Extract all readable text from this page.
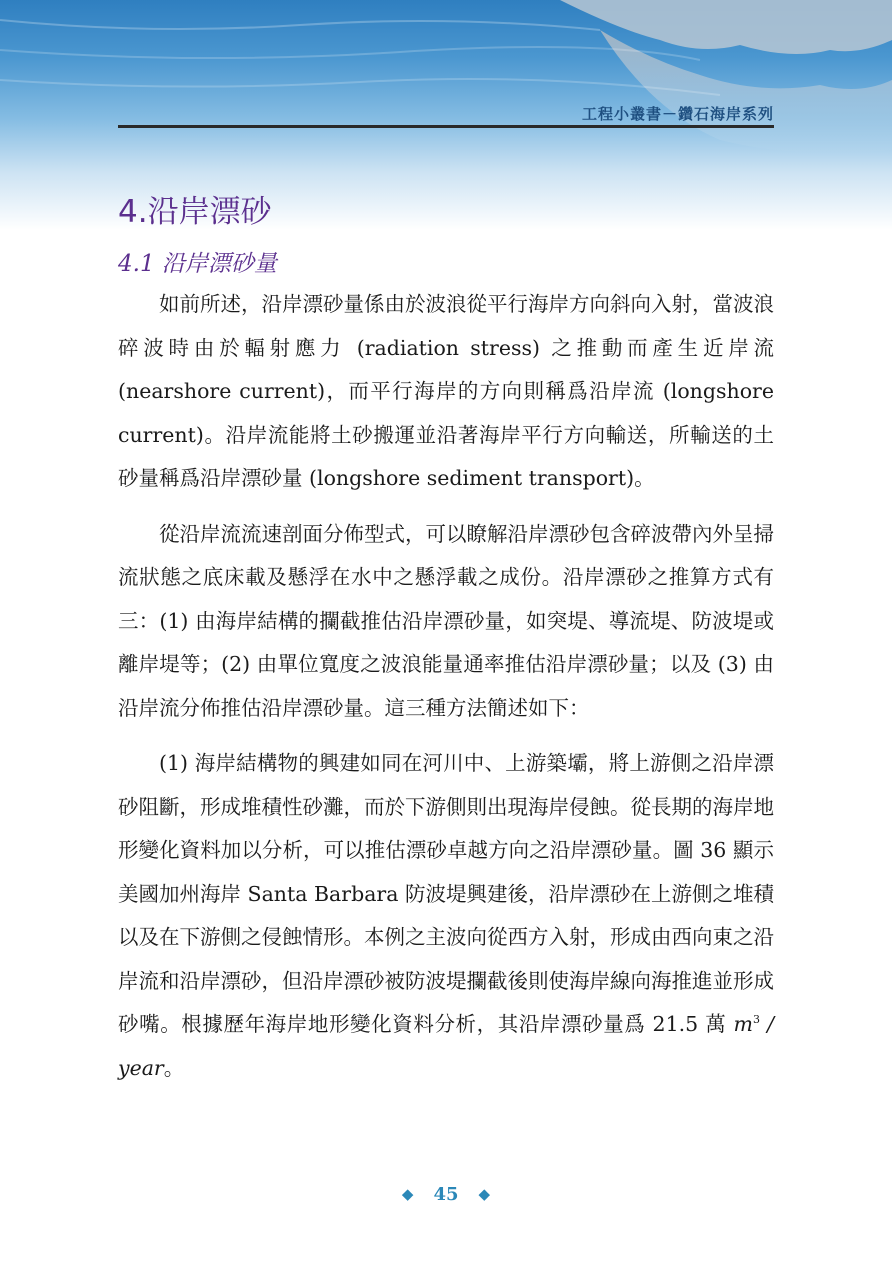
工程小叢書－鑽石海岸系列
4.沿岸漂砂
4.1 沿岸漂砂量

如前所述，沿岸漂砂量係由於波浪從平行海岸方向斜向入射，當波浪碎波時由於輻射應力 (radiation stress) 之推動而產生近岸流 (nearshore current)，而平行海岸的方向則稱爲沿岸流 (longshore current)。沿岸流能將土砂搬運並沿著海岸平行方向輸送，所輸送的土砂量稱爲沿岸漂砂量 (longshore sediment transport)。

從沿岸流流速剖面分佈型式，可以瞭解沿岸漂砂包含碎波帶內外呈掃流狀態之底床載及懸浮在水中之懸浮載之成份。沿岸漂砂之推算方式有三：(1) 由海岸結構的攔截推估沿岸漂砂量，如突堤、導流堤、防波堤或離岸堤等；(2) 由單位寬度之波浪能量通率推估沿岸漂砂量；以及 (3) 由沿岸流分佈推估沿岸漂砂量。這三種方法簡述如下：

(1) 海岸結構物的興建如同在河川中、上游築壩，將上游側之沿岸漂砂阻斷，形成堆積性砂灘，而於下游側則出現海岸侵蝕。從長期的海岸地形變化資料加以分析，可以推估漂砂卓越方向之沿岸漂砂量。圖 36 顯示美國加州海岸 Santa Barbara 防波堤興建後，沿岸漂砂在上游側之堆積以及在下游側之侵蝕情形。本例之主波向從西方入射，形成由西向東之沿岸流和沿岸漂砂，但沿岸漂砂被防波堤攔截後則使海岸線向海推進並形成砂嘴。根據歷年海岸地形變化資料分析，其沿岸漂砂量爲 21.5 萬 $m^3$ / year。

◆ 45 ◆
